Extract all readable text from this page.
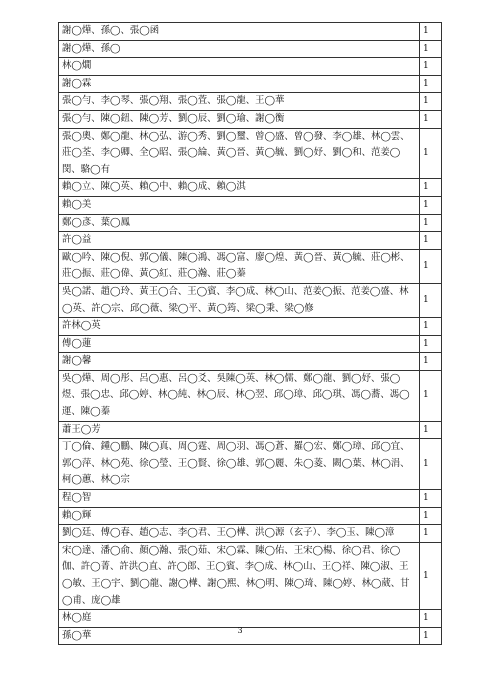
謝◯燁、孫◯、張◯函	1
謝◯燁、孫◯	1
林◯燗	1
謝◯霖	1
張◯勻、李◯琴、張◯翔、張◯萓、張◯龍、王◯華	1
張◯勻、陳◯鈕、陳◯芳、劉◯辰、劉◯瑜、謝◯衡	1
張◯奧、鄭◯龍、林◯弘、游◯秀、劉◯璽、曾◯盛、曾◯發、李◯雄、林◯雲、莊◯荃、李◯卿、全◯昭、張◯綸、黃◯晉、黃◯毓、劉◯妤、劉◯和、范姜◯閔、駱◯有	1
賴◯立、陳◯英、賴◯中、賴◯成、賴◯淇	1
賴◯美	1
鄭◯彥、葉◯鳳	1
許◯益	1
歐◯吟、陳◯倪、郭◯儀、陳◯鴻、馮◯富、廖◯煌、黃◯晉、黃◯毓、莊◯彬、莊◯振、莊◯偉、黃◯紅、莊◯瀚、莊◯蓁	1
吳◯諾、趙◯玲、黃王◯合、王◯賓、李◯成、林◯山、范姜◯振、范姜◯盛、林◯英、許◯宗、邱◯薇、梁◯平、黃◯筠、梁◯秉、梁◯修	1
許林◯英	1
傅◯蓮	1
謝◯馨	1
吳◯燁、周◯彤、呂◯惠、呂◯爻、吳陳◯英、林◯儒、鄭◯龍、劉◯妤、張◯煜、張◯忠、邱◯婷、林◯純、林◯辰、林◯翌、邱◯璋、邱◯琪、馮◯蕎、馮◯運、陳◯蓁	1
蕭王◯芳	1
丁◯倫、鍾◯鵬、陳◯真、周◯霆、周◯羽、馮◯蒼、羅◯宏、鄭◯璋、邱◯宜、郭◯萍、林◯苑、徐◯瑩、王◯賢、徐◯雄、郭◯麗、朱◯菱、闕◯葉、林◯涓、柯◯蕙、林◯宗	1
程◯智	1
賴◯輝	1
劉◯廷、傅◯春、趙◯志、李◯君、王◯樺、洪◯源（玄子）、李◯玉、陳◯漳	1
宋◯達、潘◯俞、顏◯瀚、張◯茹、宋◯霖、陳◯佑、王宋◯楊、徐◯君、徐◯伽、許◯菁、許洪◯直、許◯郎、王◯賓、李◯成、林◯山、王◯祥、陳◯淑、王◯敏、王◯宇、劉◯龍、謝◯樺、謝◯熙、林◯明、陳◯琦、陳◯婷、林◯葳、甘◯甫、庞◯雄	1
林◯庭	1
孫◯華	1
3
